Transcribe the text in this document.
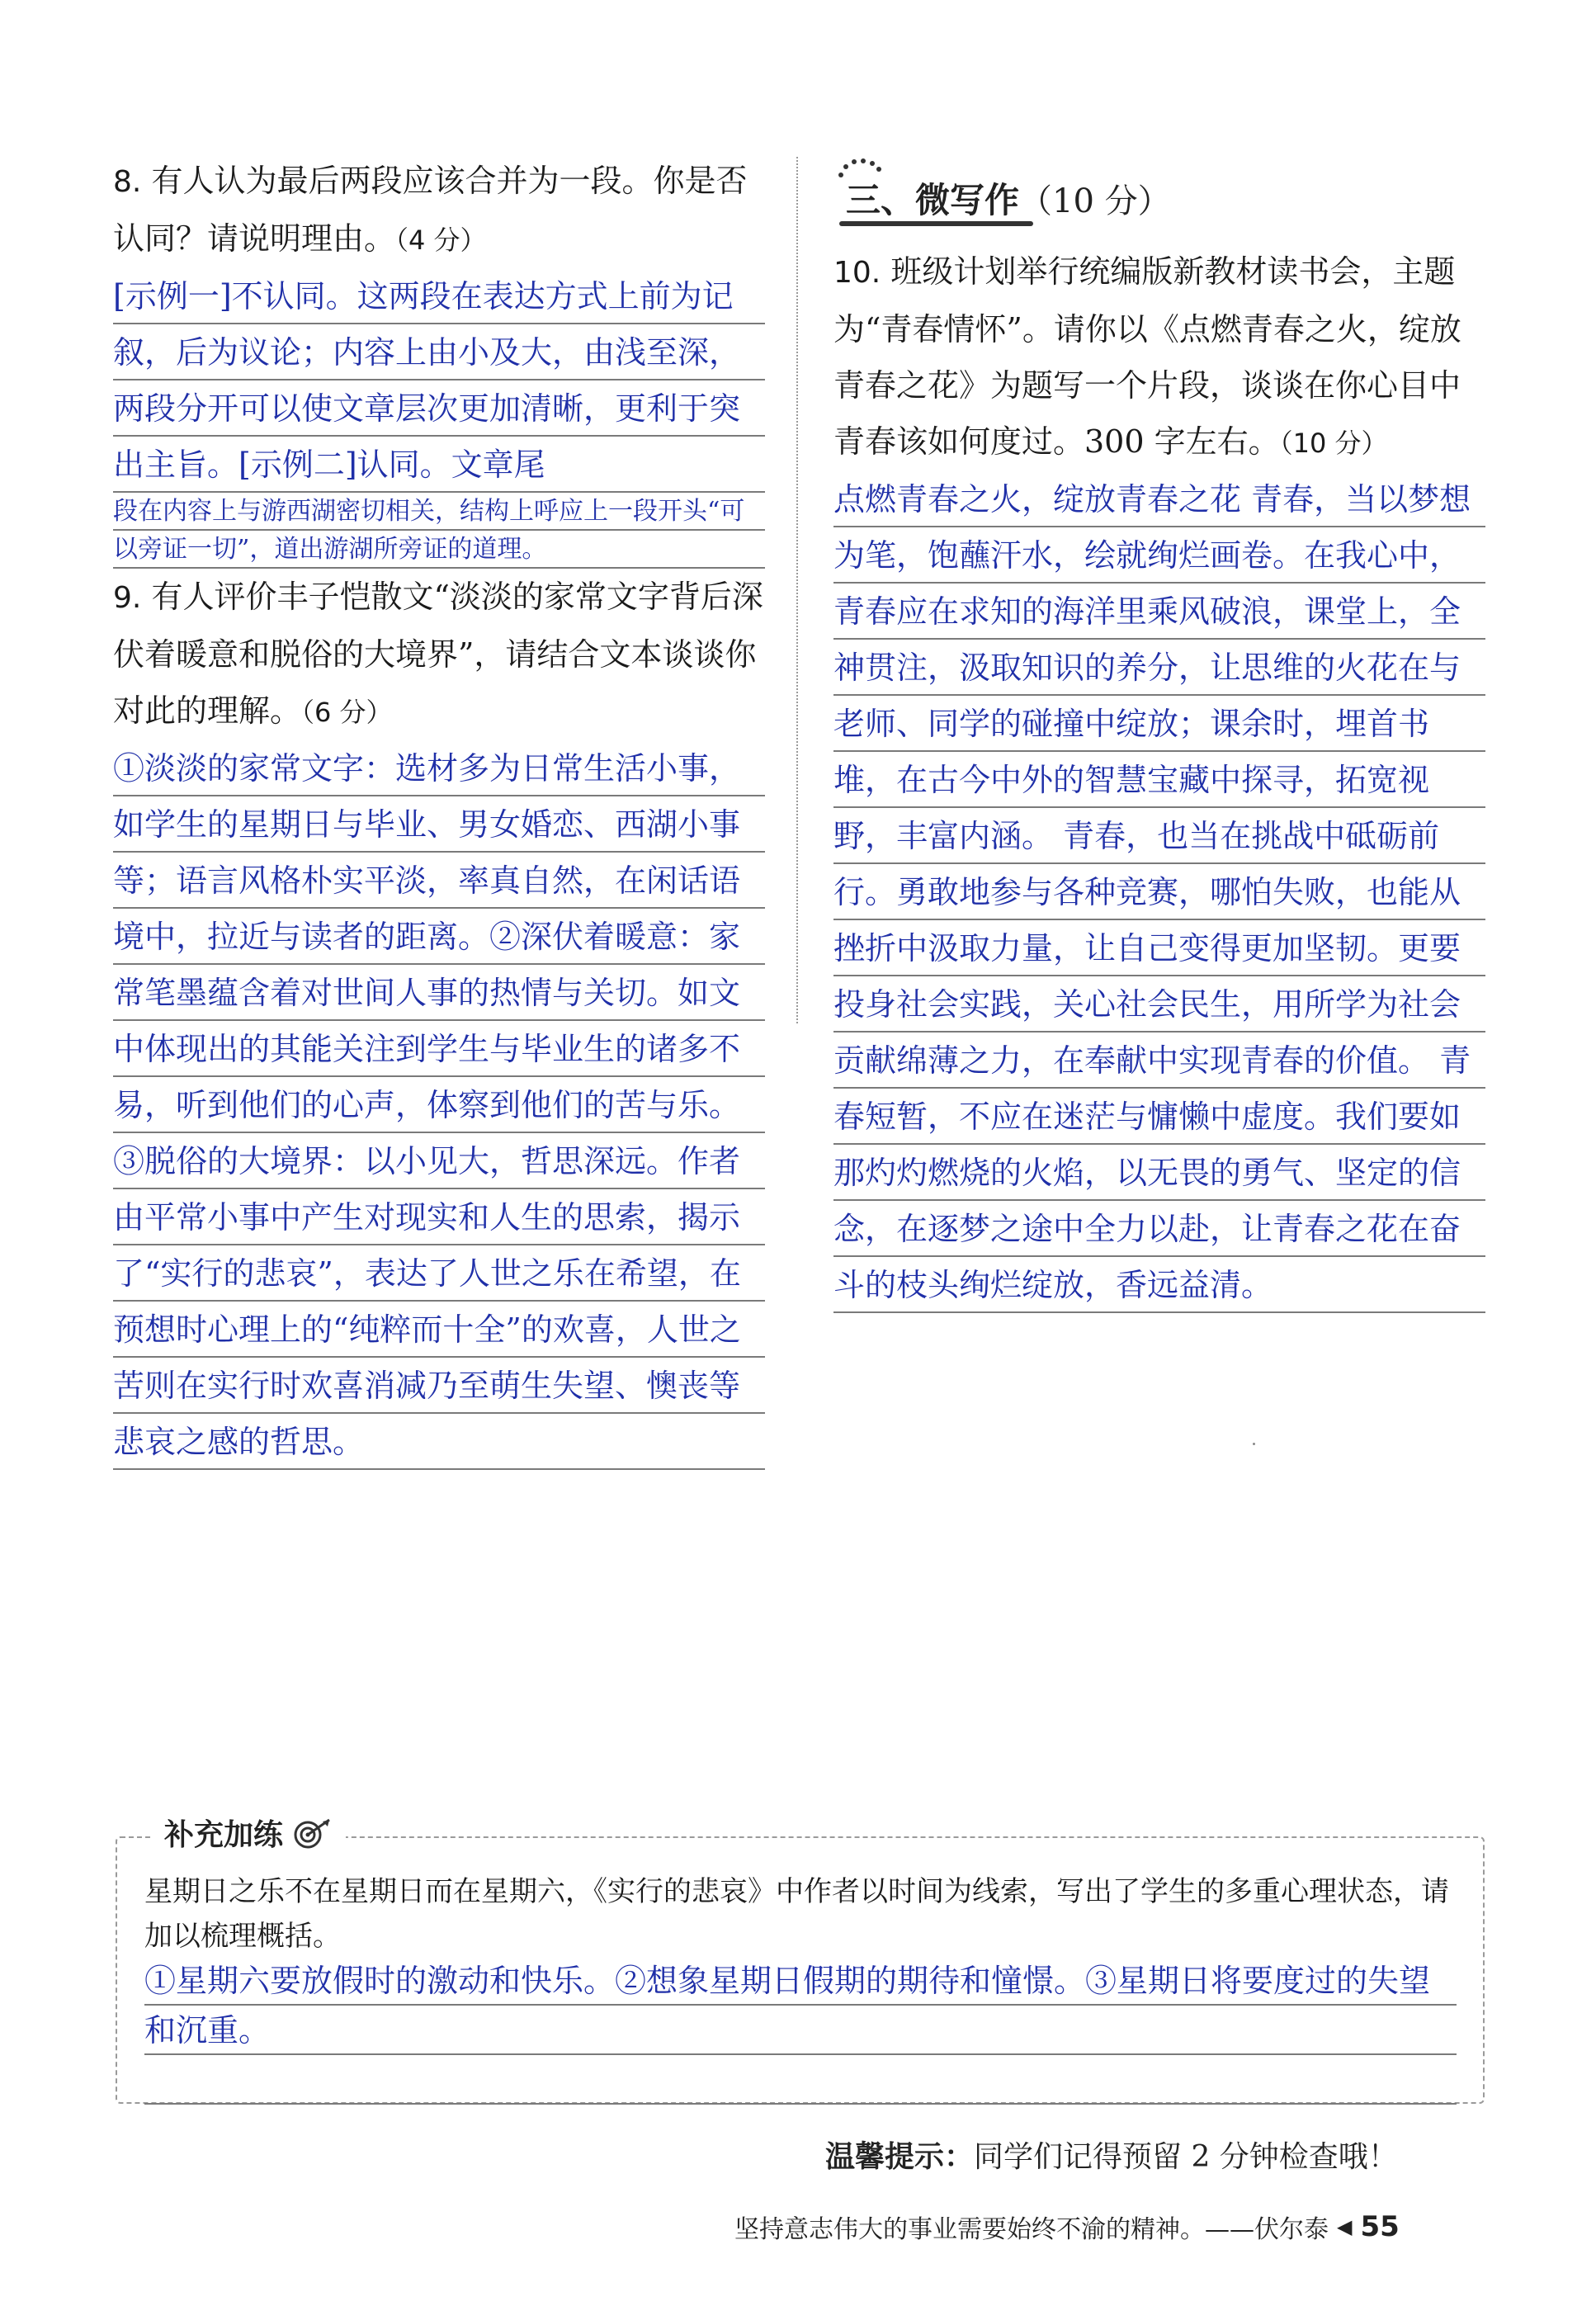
8. 有人认为最后两段应该合并为一段。你是否认同？请说明理由。（4 分）
[示例一]不认同。这两段在表达方式上前为记叙，后为议论；内容上由小及大，由浅至深，两段分开可以使文章层次更加清晰，更利于突出主旨。[示例二]认同。文章尾
段在内容上与游西湖密切相关，结构上呼应上一段开头“可以旁证一切”，道出游湖所旁证的道理。
9. 有人评价丰子恺散文“淡淡的家常文字背后深伏着暖意和脱俗的大境界”，请结合文本谈谈你对此的理解。（6 分）
①淡淡的家常文字：选材多为日常生活小事，如学生的星期日与毕业、男女婚恋、西湖小事等；语言风格朴实平淡，率真自然，在闲话语境中，拉近与读者的距离。②深伏着暖意：家常笔墨蕴含着对世间人事的热情与关切。如文中体现出的其能关注到学生与毕业生的诸多不易，听到他们的心声，体察到他们的苦与乐。③脱俗的大境界：以小见大，哲思深远。作者由平常小事中产生对现实和人生的思索，揭示了“实行的悲哀”，表达了人世之乐在希望，在预想时心理上的“纯粹而十全”的欢喜，人世之苦则在实行时欢喜消减乃至萌生失望、懊丧等悲哀之感的哲思。
三、微写作（10 分）
10. 班级计划举行统编版新教材读书会，主题为“青春情怀”。请你以《点燃青春之火，绽放青春之花》为题写一个片段，谈谈在你心目中青春该如何度过。300 字左右。（10 分）
点燃青春之火，绽放青春之花 青春，当以梦想为笔，饱蘸汗水，绘就绚烂画卷。在我心中，青春应在求知的海洋里乘风破浪，课堂上，全神贯注，汲取知识的养分，让思维的火花在与老师、同学的碰撞中绽放；课余时，埋首书堆，在古今中外的智慧宝藏中探寻，拓宽视野，丰富内涵。 青春，也当在挑战中砥砺前行。勇敢地参与各种竞赛，哪怕失败，也能从挫折中汲取力量，让自己变得更加坚韧。更要投身社会实践，关心社会民生，用所学为社会贡献绵薄之力，在奉献中实现青春的价值。 青春短暂，不应在迷茫与慵懒中虚度。我们要如那灼灼燃烧的火焰，以无畏的勇气、坚定的信念，在逐梦之途中全力以赴，让青春之花在奋斗的枝头绚烂绽放，香远益清。
补充加练
星期日之乐不在星期日而在星期六，《实行的悲哀》中作者以时间为线索，写出了学生的多重心理状态，请加以梳理概括。
①星期六要放假时的激动和快乐。②想象星期日假期的期待和憧憬。③星期日将要度过的失望和沉重。
温馨提示：同学们记得预留 2 分钟检查哦！
坚持意志伟大的事业需要始终不渝的精神。——伏尔泰 ◀ 55
